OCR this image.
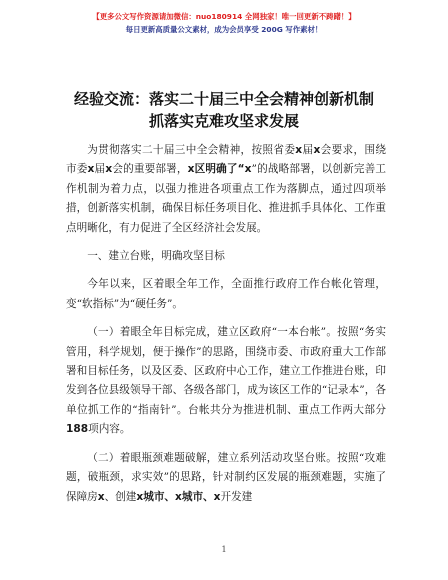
【更多公文写作资源请加微信：nuo180914 全网独家！唯一回更新不踌躇！】
每日更新高质量公文素材，成为会员享受 200G 写作素材！
经验交流：落实二十届三中全会精神创新机制
抓落实克难攻坚求发展

为贯彻落实二十届三中全会精神，按照省委x届x会要求，围绕市委x届x会的重要部署，x区明确了“x”的战略部署，以创新完善工作机制为着力点，以强力推进各项重点工作为落脚点，通过四项举措，创新落实机制，确保目标任务项目化、推进抓手具体化、工作重点明晰化，有力促进了全区经济社会发展。

一、建立台账，明确攻坚目标

今年以来，区着眼全年工作，全面推行政府工作台帐化管理，变“软指标”为“硬任务”。

（一）着眼全年目标完成，建立区政府“一本台帐”。按照“务实管用，科学规划，便于操作”的思路，围绕市委、市政府重大工作部署和目标任务，以及区委、区政府中心工作，建立工作推进台账，印发到各位县级领导干部、各级各部门，成为该区工作的“记录本”，各单位抓工作的“指南针”。台帐共分为推进机制、重点工作两大部分188项内容。

（二）着眼瓶颈难题破解，建立系列活动攻坚台账。按照“攻难题，破瓶颈，求实效”的思路，针对制约区发展的瓶颈难题，实施了保障房x、创建x城市、x城市、x开发建

1
